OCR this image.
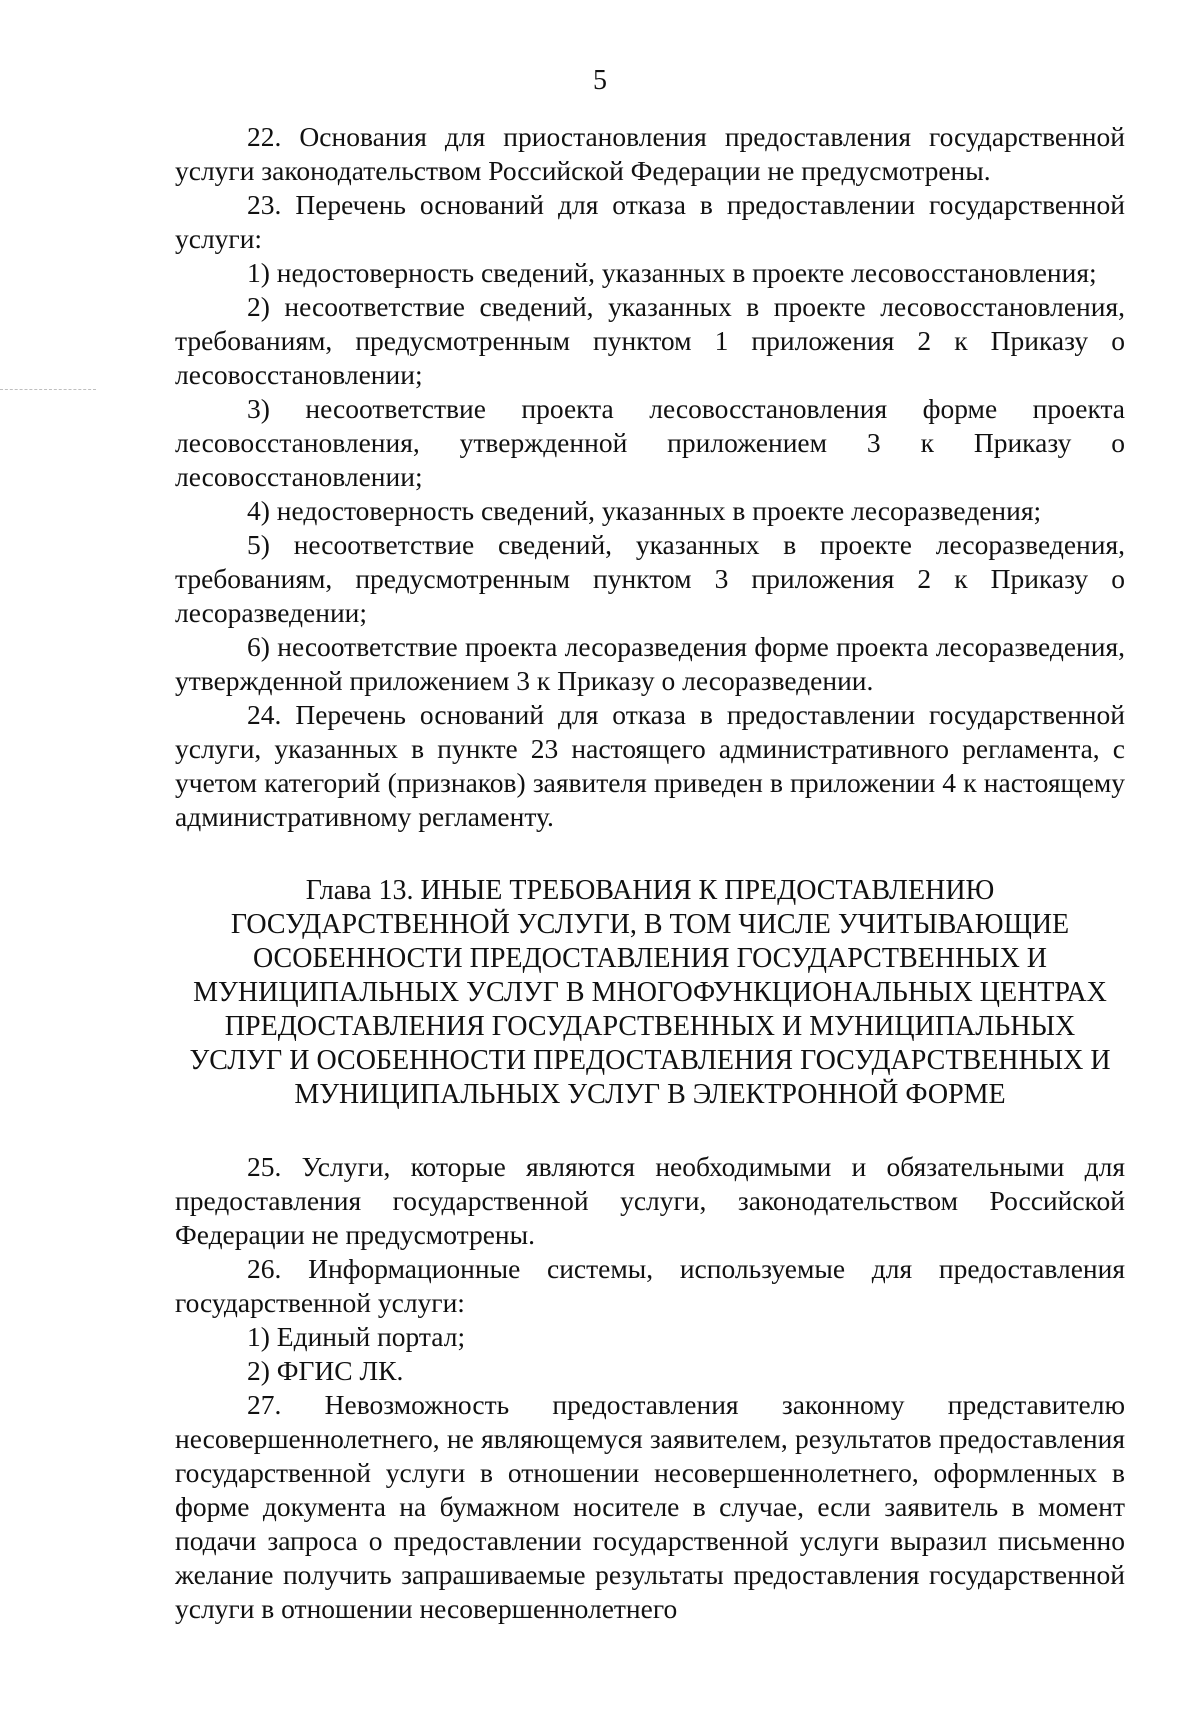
5

22. Основания для приостановления предоставления государственной услуги законодательством Российской Федерации не предусмотрены.

23. Перечень оснований для отказа в предоставлении государственной услуги:

1) недостоверность сведений, указанных в проекте лесовосстановления;

2) несоответствие сведений, указанных в проекте лесовосстановления, требованиям, предусмотренным пунктом 1 приложения 2 к Приказу о лесовосстановлении;

3) несоответствие проекта лесовосстановления форме проекта лесовосстановления, утвержденной приложением 3 к Приказу о лесовосстановлении;

4) недостоверность сведений, указанных в проекте лесоразведения;

5) несоответствие сведений, указанных в проекте лесоразведения, требованиям, предусмотренным пунктом 3 приложения 2 к Приказу о лесоразведении;

6) несоответствие проекта лесоразведения форме проекта лесоразведения, утвержденной приложением 3 к Приказу о лесоразведении.

24. Перечень оснований для отказа в предоставлении государственной услуги, указанных в пункте 23 настоящего административного регламента, с учетом категорий (признаков) заявителя приведен в приложении 4 к настоящему административному регламенту.

Глава 13. ИНЫЕ ТРЕБОВАНИЯ К ПРЕДОСТАВЛЕНИЮ
ГОСУДАРСТВЕННОЙ УСЛУГИ, В ТОМ ЧИСЛЕ УЧИТЫВАЮЩИЕ
ОСОБЕННОСТИ ПРЕДОСТАВЛЕНИЯ ГОСУДАРСТВЕННЫХ И
МУНИЦИПАЛЬНЫХ УСЛУГ В МНОГОФУНКЦИОНАЛЬНЫХ ЦЕНТРАХ
ПРЕДОСТАВЛЕНИЯ ГОСУДАРСТВЕННЫХ И МУНИЦИПАЛЬНЫХ
УСЛУГ И ОСОБЕННОСТИ ПРЕДОСТАВЛЕНИЯ ГОСУДАРСТВЕННЫХ И
МУНИЦИПАЛЬНЫХ УСЛУГ В ЭЛЕКТРОННОЙ ФОРМЕ

25. Услуги, которые являются необходимыми и обязательными для предоставления государственной услуги, законодательством Российской Федерации не предусмотрены.

26. Информационные системы, используемые для предоставления государственной услуги:

1) Единый портал;

2) ФГИС ЛК.

27. Невозможность предоставления законному представителю несовершеннолетнего, не являющемуся заявителем, результатов предоставления государственной услуги в отношении несовершеннолетнего, оформленных в форме документа на бумажном носителе в случае, если заявитель в момент подачи запроса о предоставлении государственной услуги выразил письменно желание получить запрашиваемые результаты предоставления государственной услуги в отношении несовершеннолетнего
